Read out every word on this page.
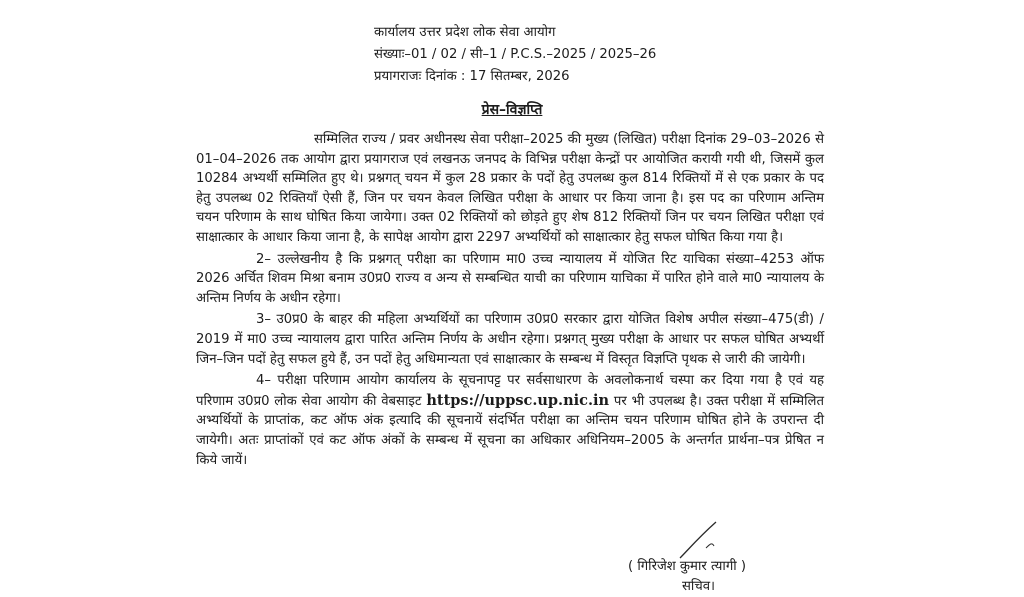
कार्यालय उत्तर प्रदेश लोक सेवा आयोग
संख्याः–01 / 02 / सी–1 / P.C.S.–2025 / 2025–26
प्रयागराजः दिनांक : 17 सितम्बर, 2026
प्रेस–विज्ञप्ति

सम्मिलित राज्य / प्रवर अधीनस्थ सेवा परीक्षा–2025 की मुख्य (लिखित) परीक्षा दिनांक 29–03–2026 से 01–04–2026 तक आयोग द्वारा प्रयागराज एवं लखनऊ जनपद के विभिन्न परीक्षा केन्द्रों पर आयोजित करायी गयी थी, जिसमें कुल 10284 अभ्यर्थी सम्मिलित हुए थे। प्रश्नगत् चयन में कुल 28 प्रकार के पदों हेतु उपलब्ध कुल 814 रिक्तियों में से एक प्रकार के पद हेतु उपलब्ध 02 रिक्तियाँ ऐसी हैं, जिन पर चयन केवल लिखित परीक्षा के आधार पर किया जाना है। इस पद का परिणाम अन्तिम चयन परिणाम के साथ घोषित किया जायेगा। उक्त 02 रिक्तियों को छोड़ते हुए शेष 812 रिक्तियों जिन पर चयन लिखित परीक्षा एवं साक्षात्कार के आधार किया जाना है, के सापेक्ष आयोग द्वारा 2297 अभ्यर्थियों को साक्षात्कार हेतु सफल घोषित किया गया है।

2– उल्लेखनीय है कि प्रश्नगत् परीक्षा का परिणाम मा0 उच्च न्यायालय में योजित रिट याचिका संख्या–4253 ऑफ 2026 अर्चित शिवम मिश्रा बनाम उ0प्र0 राज्य व अन्य से सम्बन्धित याची का परिणाम याचिका में पारित होने वाले मा0 न्यायालय के अन्तिम निर्णय के अधीन रहेगा।

3– उ0प्र0 के बाहर की महिला अभ्यर्थियों का परिणाम उ0प्र0 सरकार द्वारा योजित विशेष अपील संख्या–475(डी) / 2019 में मा0 उच्च न्यायालय द्वारा पारित अन्तिम निर्णय के अधीन रहेगा। प्रश्नगत् मुख्य परीक्षा के आधार पर सफल घोषित अभ्यर्थी जिन–जिन पदों हेतु सफल हुये हैं, उन पदों हेतु अधिमान्यता एवं साक्षात्कार के सम्बन्ध में विस्तृत विज्ञप्ति पृथक से जारी की जायेगी।

4– परीक्षा परिणाम आयोग कार्यालय के सूचनापट्ट पर सर्वसाधारण के अवलोकनार्थ चस्पा कर दिया गया है एवं यह परिणाम उ0प्र0 लोक सेवा आयोग की वेबसाइट https://uppsc.up.nic.in पर भी उपलब्ध है। उक्त परीक्षा में सम्मिलित अभ्यर्थियों के प्राप्तांक, कट ऑफ अंक इत्यादि की सूचनायें संदर्भित परीक्षा का अन्तिम चयन परिणाम घोषित होने के उपरान्त दी जायेगी। अतः प्राप्तांकों एवं कट ऑफ अंकों के सम्बन्ध में सूचना का अधिकार अधिनियम–2005 के अन्तर्गत प्रार्थना–पत्र प्रेषित न किये जायें।

( गिरिजेश कुमार त्यागी )
सचिव।
